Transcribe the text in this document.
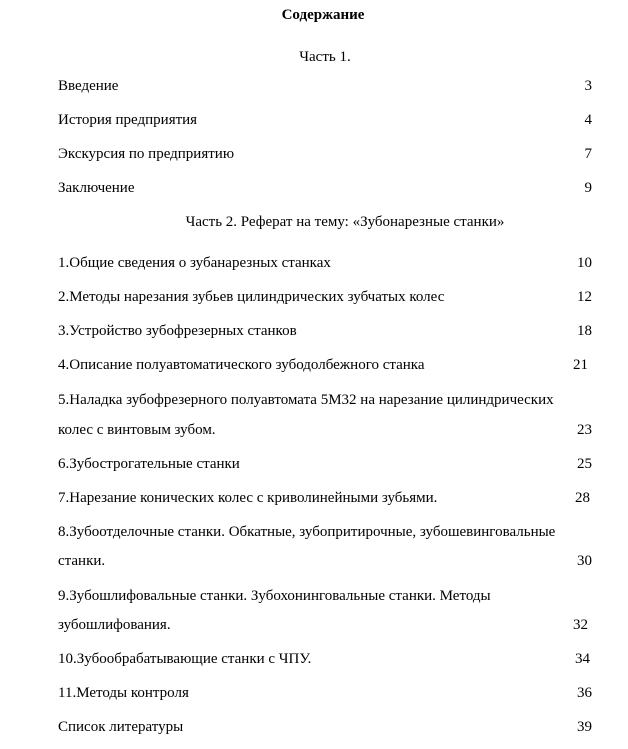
Содержание
Часть 1.
Введение	3
История предприятия	4
Экскурсия по предприятию	7
Заключение	9
Часть 2. Реферат на тему: «Зубонарезные станки»
1.Общие сведения о зубанарезных станках	10
2.Методы нарезания зубьев цилиндрических зубчатых колес	12
3.Устройство зубофрезерных станков	18
4.Описание полуавтоматического зубодолбежного станка	21
5.Наладка зубофрезерного полуавтомата 5М32 на нарезание цилиндрических
колес с винтовым зубом.	23
6.Зубострогательные станки	25
7.Нарезание конических колес с криволинейными зубьями.	28
8.Зубоотделочные станки. Обкатные, зубопритирочные, зубошевинговальные
станки.	30
9.Зубошлифовальные станки. Зубохонинговальные станки. Методы
зубошлифования.	32
10.Зубообрабатывающие станки с ЧПУ.	34
11.Методы контроля	36
Список литературы	39
